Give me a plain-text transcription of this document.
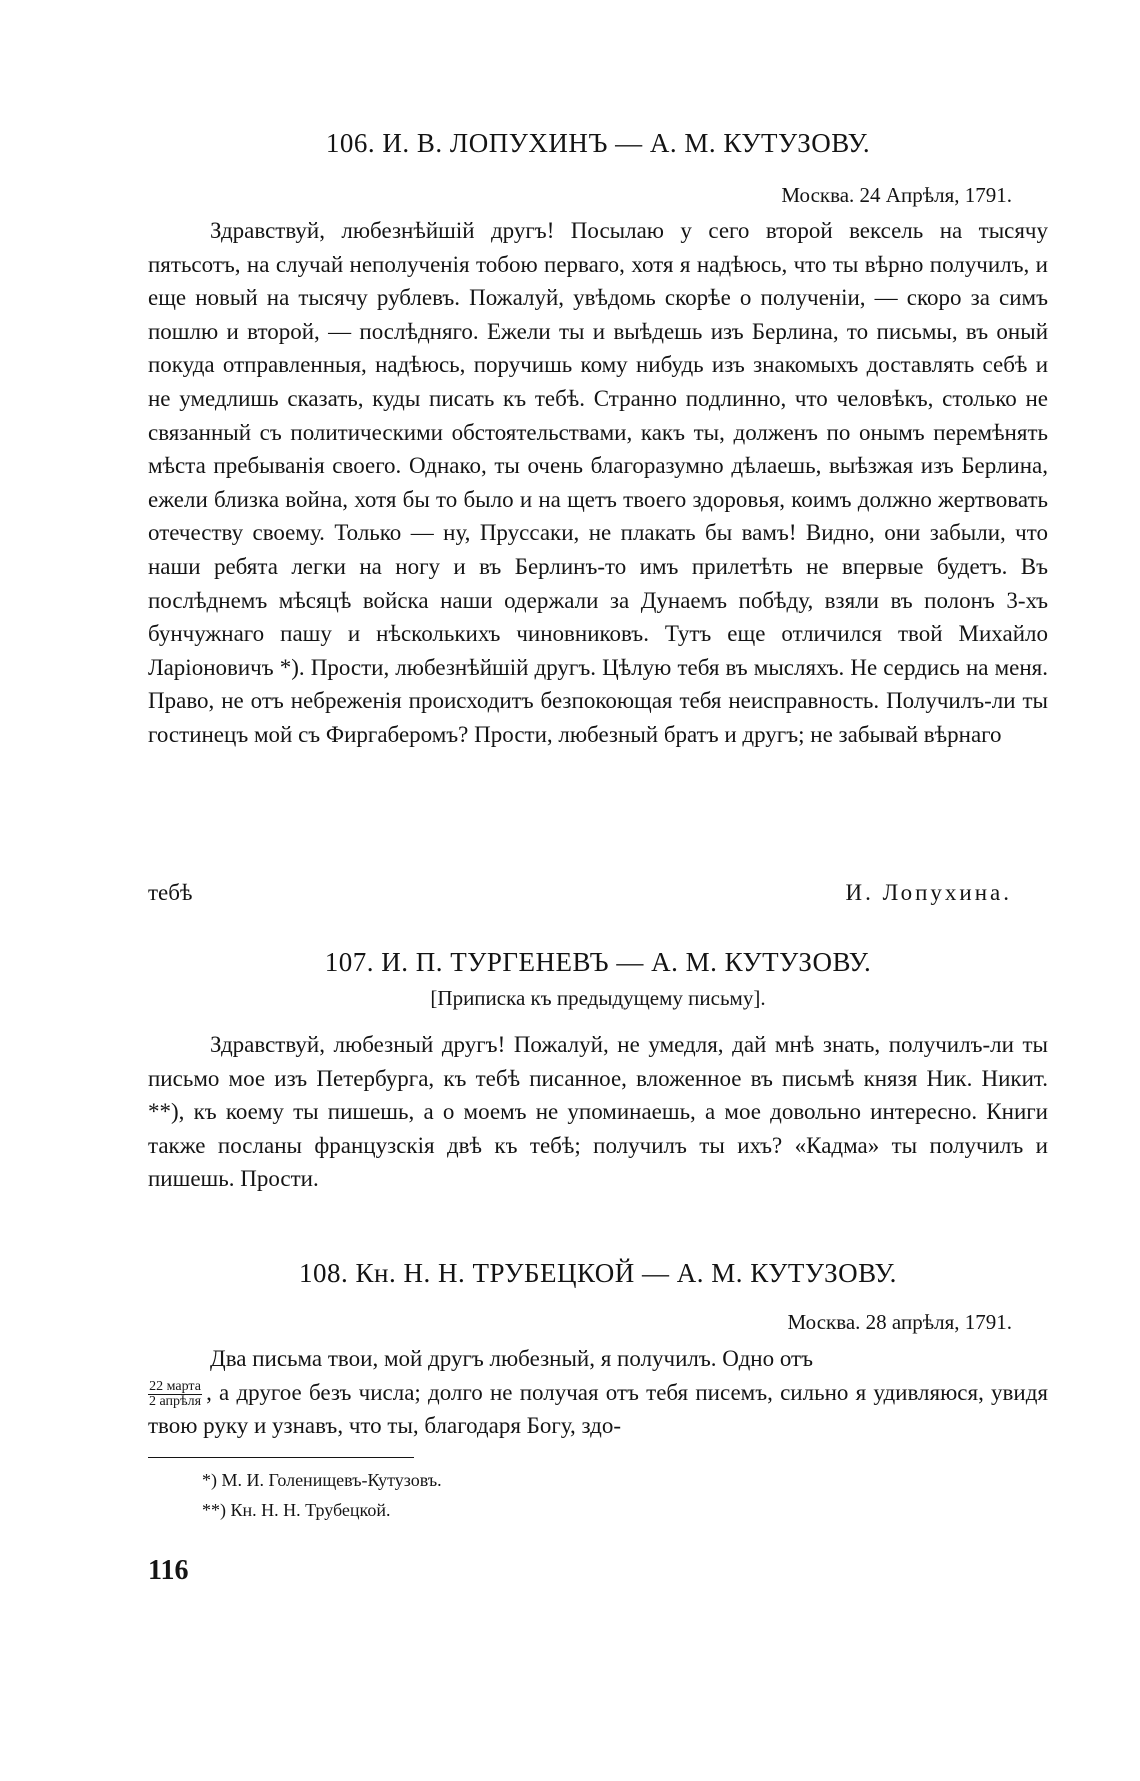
106. И. В. ЛОПУХИНЪ — А. М. КУТУЗОВУ.

Москва. 24 Апрѣля, 1791.

Здравствуй, любезнѣйшій другъ! Посылаю у сего второй вексель на тысячу пятьсотъ, на случай неполученія тобою перваго, хотя я надѣюсь, что ты вѣрно получилъ, и еще новый на тысячу рублевъ. Пожалуй, увѣдомь скорѣе о полученіи, — скоро за симъ пошлю и второй, — послѣдняго. Ежели ты и выѣдешь изъ Берлина, то письмы, въ оный покуда отправленныя, надѣюсь, поручишь кому нибудь изъ знакомыхъ доставлять себѣ и не умедлишь сказать, куды писать къ тебѣ. Странно подлинно, что человѣкъ, столько не связанный съ политическими обстоятельствами, какъ ты, долженъ по онымъ перемѣнять мѣста пребыванія своего. Однако, ты очень благоразумно дѣлаешь, выѣзжая изъ Берлина, ежели близка война, хотя бы то было и на щетъ твоего здоровья, коимъ должно жертвовать отечеству своему. Только — ну, Пруссаки, не плакать бы вамъ! Видно, они забыли, что наши ребята легки на ногу и въ Берлинъ-то имъ прилетѣть не впервые будетъ. Въ послѣднемъ мѣсяцѣ войска наши одержали за Дунаемъ побѣду, взяли въ полонъ 3-хъ бунчужнаго пашу и нѣсколькихъ чиновниковъ. Тутъ еще отличился твой Михайло Ларіоновичъ *). Прости, любезнѣйшій другъ. Цѣлую тебя въ мысляхъ. Не сердись на меня. Право, не отъ небреженія происходитъ безпокоющая тебя неисправность. Получилъ-ли ты гостинецъ мой съ Фиргаберомъ? Прости, любезный братъ и другъ; не забывай вѣрнаго

тебѣ	И. Лопухина.
107. И. П. ТУРГЕНЕВЪ — А. М. КУТУЗОВУ.

[Приписка къ предыдущему письму].

Здравствуй, любезный другъ! Пожалуй, не умедля, дай мнѣ знать, получилъ-ли ты письмо мое изъ Петербурга, къ тебѣ писанное, вложенное въ письмѣ князя Ник. Никит. **), къ коему ты пишешь, а о моемъ не упоминаешь, а мое довольно интересно. Книги также посланы французскія двѣ къ тебѣ; получилъ ты ихъ? «Кадма» ты получилъ и пишешь. Прости.

108. Кн. Н. Н. ТРУБЕЦКОЙ — А. М. КУТУЗОВУ.

Москва. 28 апрѣля, 1791.

Два письма твои, мой другъ любезный, я получилъ. Одно отъ

$\frac{\text{22 марта}}{\text{2 апрѣля}}$ , а другое безъ числа; долго не получая отъ тебя писемъ, сильно я удивляюся, увидя твою руку и узнавъ, что ты, благодаря Богу, здо-

*) М. И. Голенищевъ-Кутузовъ.

**) Кн. Н. Н. Трубецкой.

116
